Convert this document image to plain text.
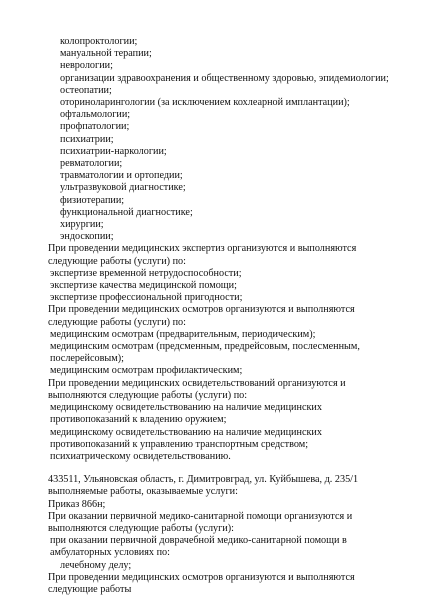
колопроктологии;
мануальной терапии;
неврологии;
организации здравоохранения и общественному здоровью, эпидемиологии;
остеопатии;
оториноларингологии (за исключением кохлеарной имплантации);
офтальмологии;
профпатологии;
психиатрии;
психиатрии-наркологии;
ревматологии;
травматологии и ортопедии;
ультразвуковой диагностике;
физиотерапии;
функциональной диагностике;
хирургии;
эндоскопии;
При проведении медицинских экспертиз организуются и выполняются следующие работы (услуги) по:
экспертизе временной нетрудоспособности;
экспертизе качества медицинской помощи;
экспертизе профессиональной пригодности;
При проведении медицинских осмотров организуются и выполняются следующие работы (услуги) по:
медицинским осмотрам (предварительным, периодическим);
медицинским осмотрам (предсменным, предрейсовым, послесменным, послерейсовым);
медицинским осмотрам профилактическим;
При проведении медицинских освидетельствований организуются и выполняются следующие работы (услуги) по:
медицинскому освидетельствованию на наличие медицинских противопоказаний к владению оружием;
медицинскому освидетельствованию на наличие медицинских противопоказаний к управлению транспортным средством;
психиатрическому освидетельствованию.
433511, Ульяновская область, г. Димитровград, ул. Куйбышева, д. 235/1
выполняемые работы, оказываемые услуги:
Приказ 866н;
При оказании первичной медико-санитарной помощи организуются и выполняются следующие работы (услуги):
при оказании первичной доврачебной медико-санитарной помощи в амбулаторных условиях по:
лечебному делу;
При проведении медицинских осмотров организуются и выполняются следующие работы
